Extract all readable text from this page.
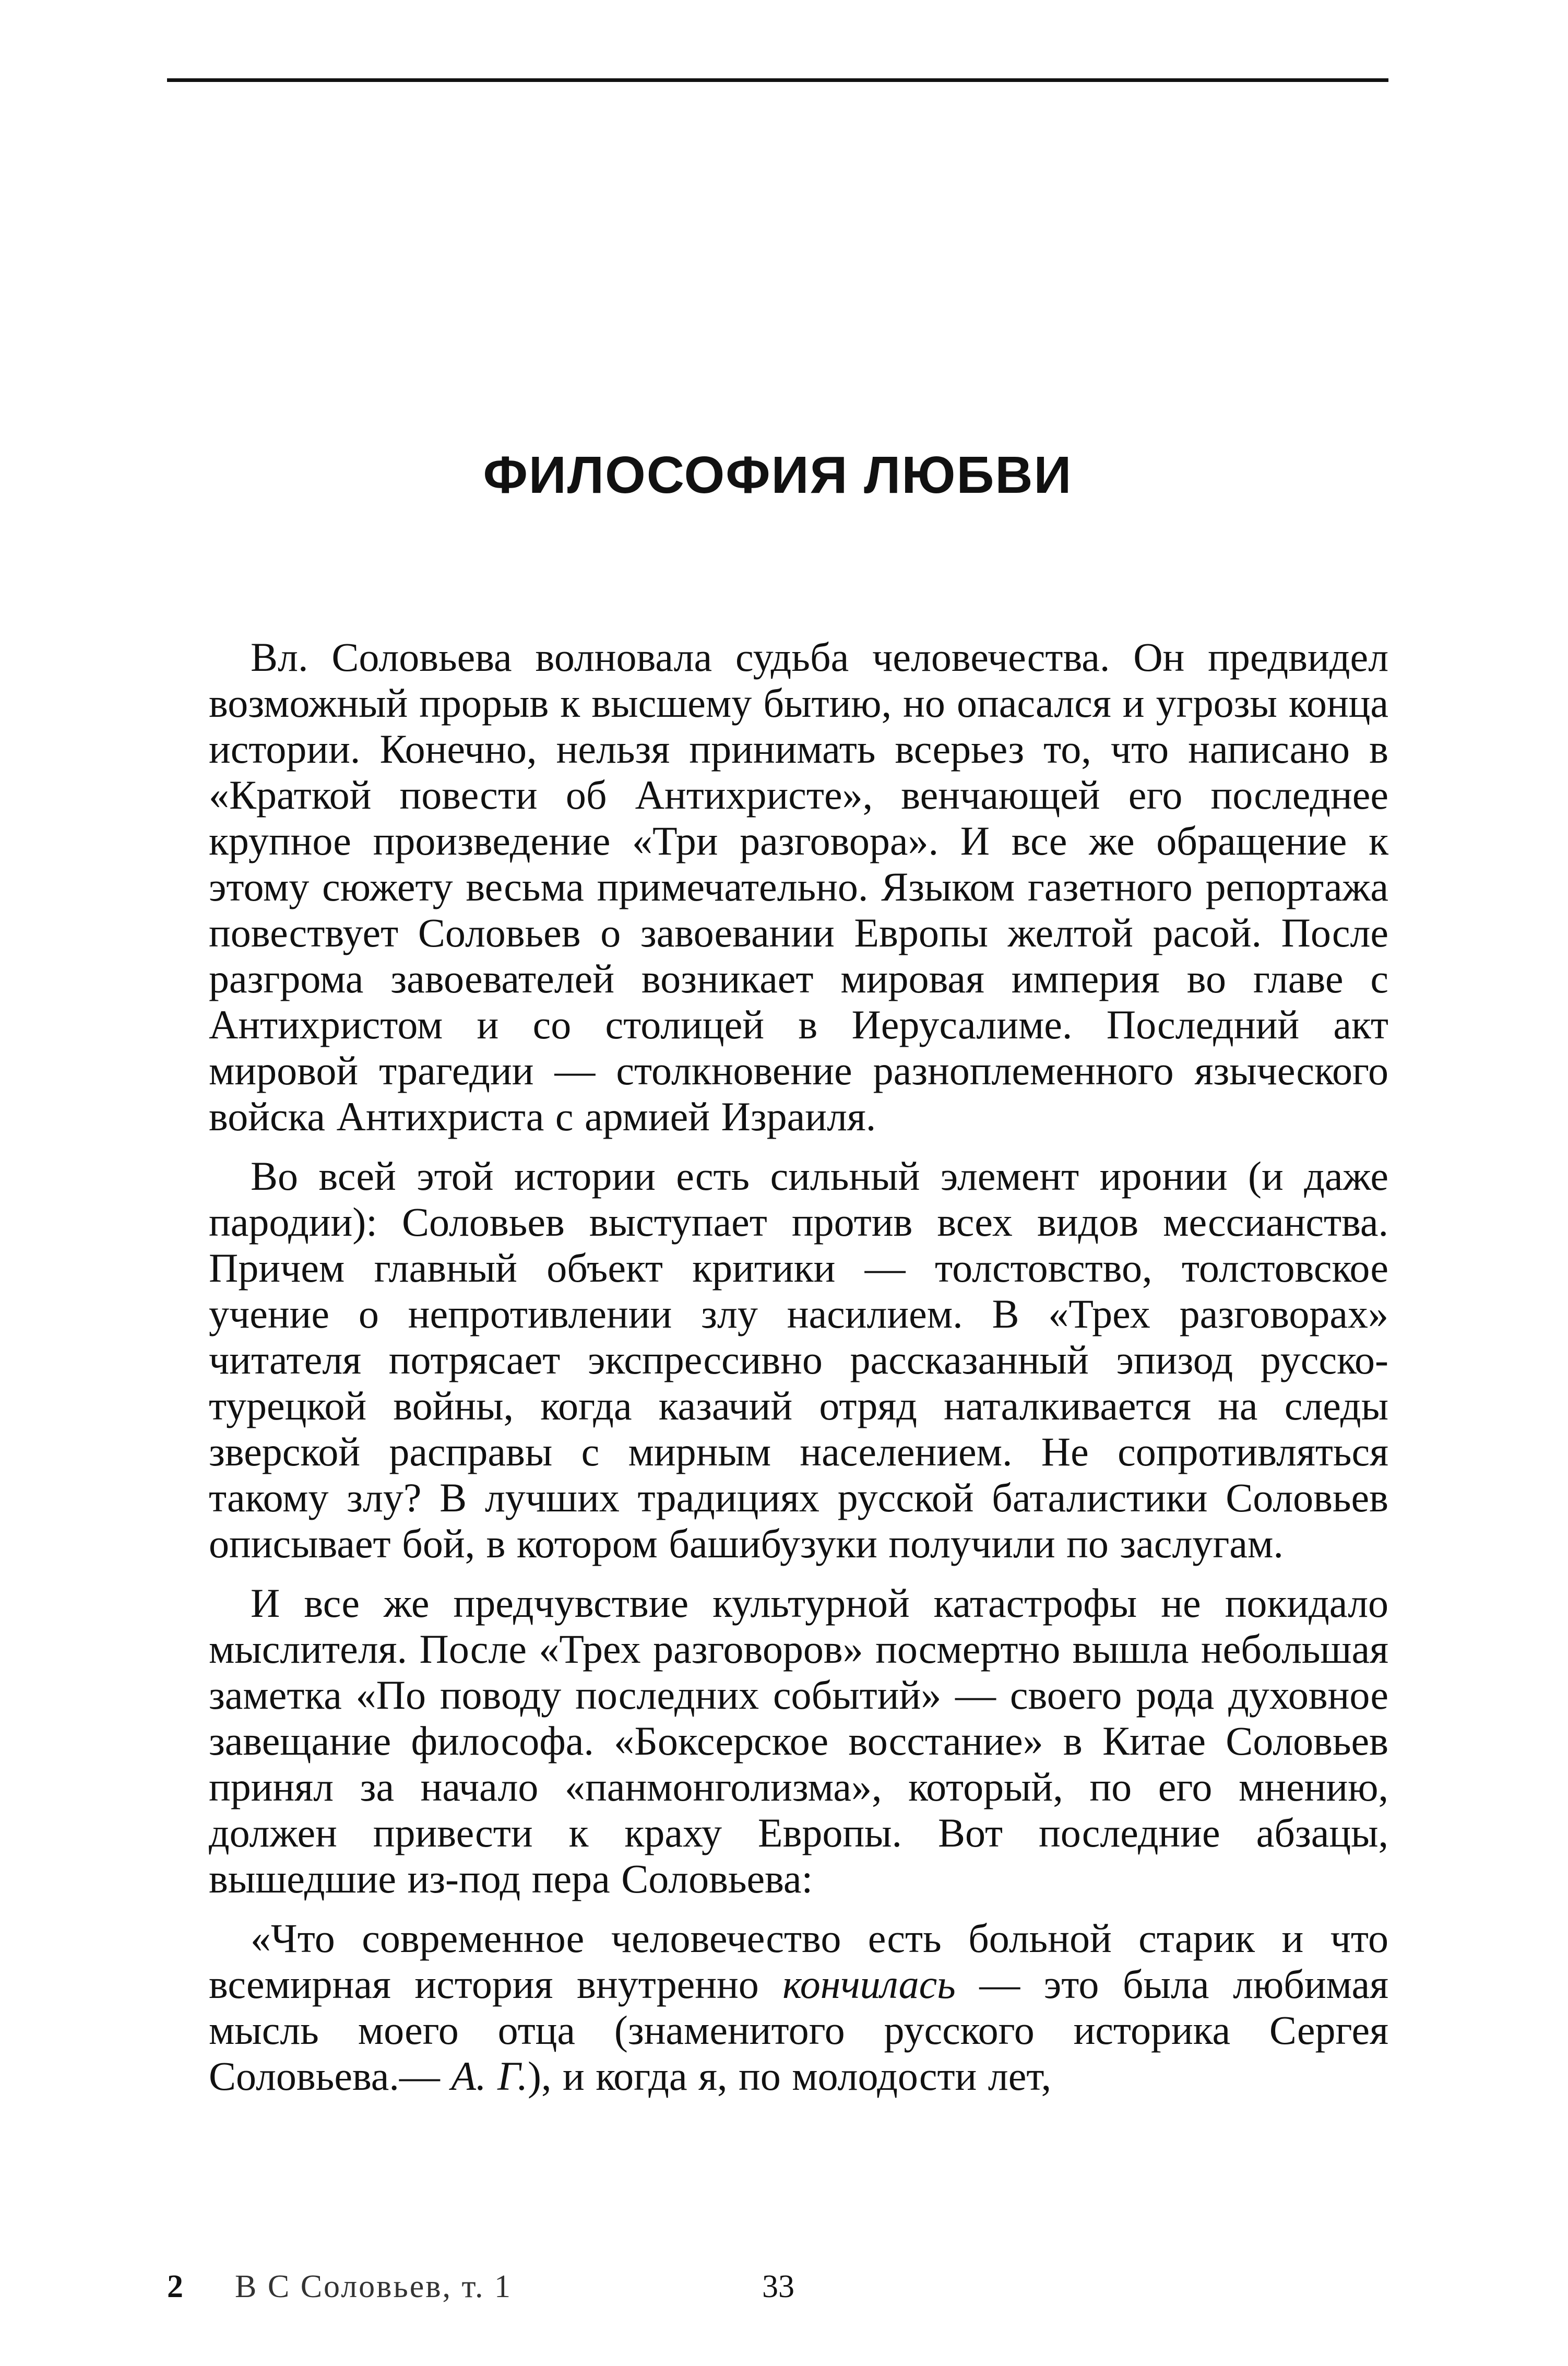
ФИЛОСОФИЯ ЛЮБВИ

Вл. Соловьева волновала судьба человечества. Он предвидел возможный прорыв к высшему бытию, но опасался и угрозы конца истории. Конечно, нельзя принимать всерьез то, что написано в «Краткой повести об Антихристе», венчающей его последнее крупное произведение «Три разговора». И все же обращение к этому сюжету весьма примечательно. Языком газетного репортажа повествует Соловьев о завоевании Европы желтой расой. После разгрома завоевателей возникает мировая империя во главе с Антихристом и со столицей в Иерусалиме. Последний акт мировой трагедии — столкновение разноплеменного языческого войска Антихриста с армией Израиля.

Во всей этой истории есть сильный элемент иронии (и даже пародии): Соловьев выступает против всех видов мессианства. Причем главный объект критики — толстовство, толстовское учение о непротивлении злу насилием. В «Трех разговорах» читателя потрясает экспрессивно рассказанный эпизод русско-турецкой войны, когда казачий отряд наталкивается на следы зверской расправы с мирным населением. Не сопротивляться такому злу? В лучших традициях русской баталистики Соловьев описывает бой, в котором башибузуки получили по заслугам.

И все же предчувствие культурной катастрофы не покидало мыслителя. После «Трех разговоров» посмертно вышла небольшая заметка «По поводу последних событий» — своего рода духовное завещание философа. «Боксерское восстание» в Китае Соловьев принял за начало «панмонголизма», который, по его мнению, должен привести к краху Европы. Вот последние абзацы, вышедшие из-под пера Соловьева:

«Что современное человечество есть больной старик и что всемирная история внутренно кончилась — это была любимая мысль моего отца (знаменитого русского историка Сергея Соловьева.— А. Г.), и когда я, по молодости лет,

2 В С Соловьев, т. 1	33
